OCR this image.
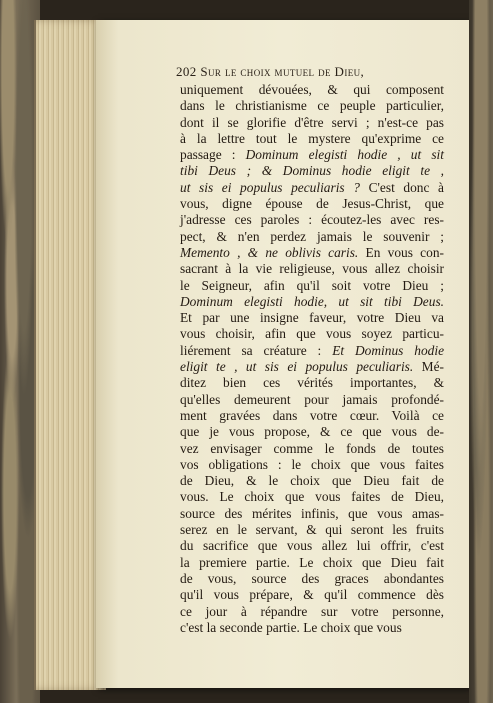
202 Sur le choix mutuel de Dieu,
uniquement dévouées, & qui composent
dans le christianisme ce peuple particulier,
dont il se glorifie d'être servi ; n'est-ce pas
à la lettre tout le mystere qu'exprime ce
passage : Dominum elegisti hodie , ut sit
tibi Deus ; & Dominus hodie eligit te ,
ut sis ei populus peculiaris ? C'est donc à
vous, digne épouse de Jesus-Christ, que
j'adresse ces paroles : écoutez-les avec res-
pect, & n'en perdez jamais le souvenir ;
Memento , & ne oblivis caris. En vous con-
sacrant à la vie religieuse, vous allez choisir
le Seigneur, afin qu'il soit votre Dieu ;
Dominum elegisti hodie, ut sit tibi Deus.
Et par une insigne faveur, votre Dieu va
vous choisir, afin que vous soyez particu-
liérement sa créature : Et Dominus hodie
eligit te , ut sis ei populus peculiaris. Mé-
ditez bien ces vérités importantes, &
qu'elles demeurent pour jamais profondé-
ment gravées dans votre cœur. Voilà ce
que je vous propose, & ce que vous de-
vez envisager comme le fonds de toutes
vos obligations : le choix que vous faites
de Dieu, & le choix que Dieu fait de
vous. Le choix que vous faites de Dieu,
source des mérites infinis, que vous amas-
serez en le servant, & qui seront les fruits
du sacrifice que vous allez lui offrir, c'est
la premiere partie. Le choix que Dieu fait
de vous, source des graces abondantes
qu'il vous prépare, & qu'il commence dès
ce jour à répandre sur votre personne,
c'est la seconde partie. Le choix que vous
